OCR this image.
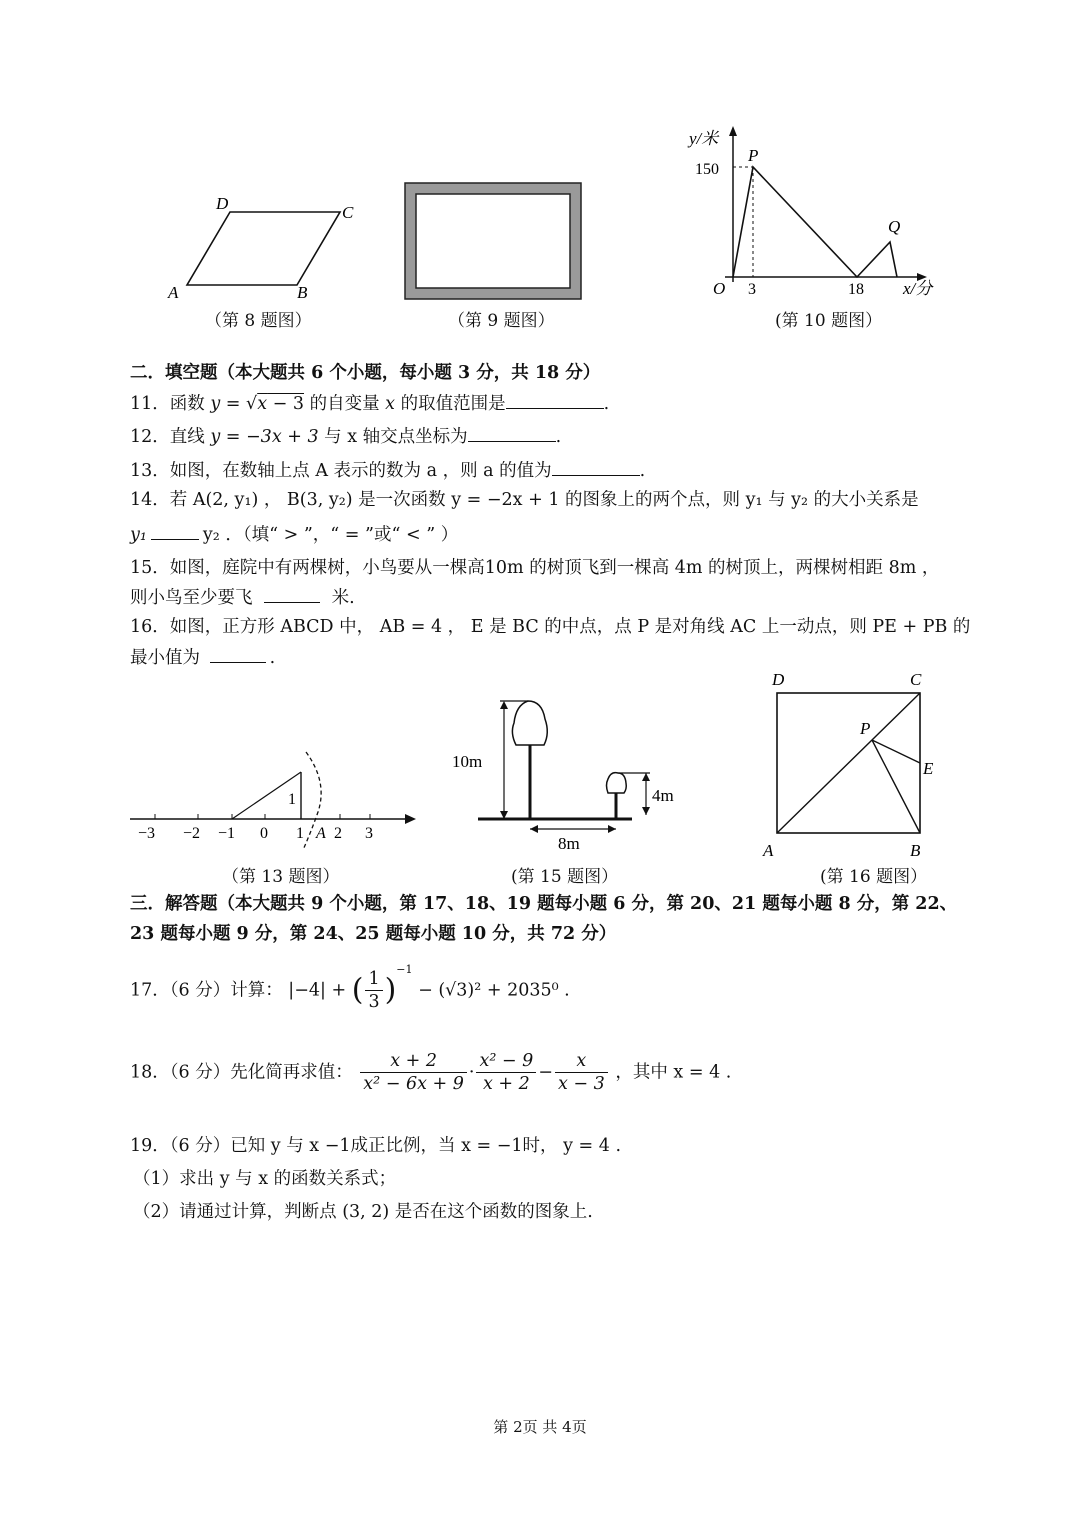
D	C
A	B
（第 8 题图）	（第 9 题图）
y/米
150
P
Q
O 3	18 x/分
(第 10 题图）
二．填空题（本大题共 6 个小题，每小题 3 分，共 18 分）
11．函数 y = √x − 3 的自变量 x 的取值范围是	.
12．直线 y = −3x + 3 与 x 轴交点坐标为	.
13．如图，在数轴上点 A 表示的数为 a ，则 a 的值为	.
14．若 A(2, y₁) ， B(3, y₂) 是一次函数 y = −2x + 1 的图象上的两个点，则 y₁ 与 y₂ 的大小关系是
y₁	y₂ ．（填“ > ”，“ = ”或“ < ” ）
15．如图，庭院中有两棵树，小鸟要从一棵高10m 的树顶飞到一棵高 4m 的树顶上，两棵树相距 8m ，
则小鸟至少要飞	米.
16．如图，正方形 ABCD 中， AB = 4 ， E 是 BC 的中点，点 P 是对角线 AC 上一动点，则 PE + PB 的
最小值为	.
1
−3 −2 −1 0 1 A 2 3
（第 13 题图）
10m
4m
8m
(第 15 题图）
D	C
P
E
A	B
(第 16 题图）
三．解答题（本大题共 9 个小题，第 17、18、19 题每小题 6 分，第 20、21 题每小题 8 分，第 22、
23 题每小题 9 分，第 24、25 题每小题 10 分，共 72 分）
17．（6 分）计算： |−4| + ( $\frac{1}{3} )^{-1} - (√3)^2 + 2035^0$ .
18．（6 分）先化简再求值： $\frac{x + 2}{\text{x² − 6x + 9}} \cdot \frac{\text{x² − 9}}{x + 2} - \frac{x}{x - 3}$ ，其中 x = 4 .
19．（6 分）已知 y 与 x −1成正比例，当 x = −1时， y = 4 .
（1）求出 y 与 x 的函数关系式；
（2）请通过计算，判断点 (3, 2) 是否在这个函数的图象上.
第 2页 共 4页
